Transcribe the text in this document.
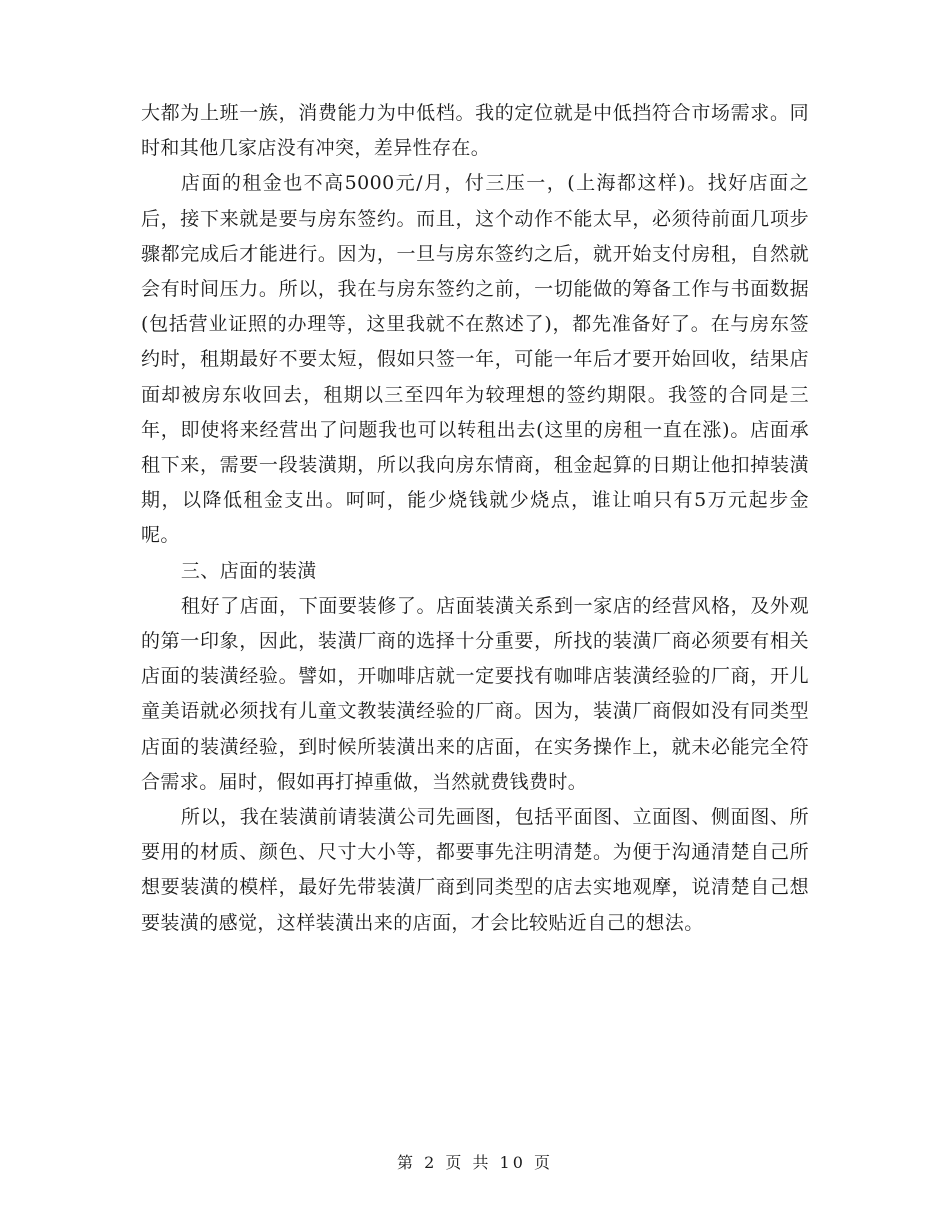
大都为上班一族，消费能力为中低档。我的定位就是中低挡符合市场需求。同时和其他几家店没有冲突，差异性存在。

店面的租金也不高5000元/月，付三压一，(上海都这样)。找好店面之后，接下来就是要与房东签约。而且，这个动作不能太早，必须待前面几项步骤都完成后才能进行。因为，一旦与房东签约之后，就开始支付房租，自然就会有时间压力。所以，我在与房东签约之前，一切能做的筹备工作与书面数据(包括营业证照的办理等，这里我就不在熬述了)，都先准备好了。在与房东签约时，租期最好不要太短，假如只签一年，可能一年后才要开始回收，结果店面却被房东收回去，租期以三至四年为较理想的签约期限。我签的合同是三年，即使将来经营出了问题我也可以转租出去(这里的房租一直在涨)。店面承租下来，需要一段装潢期，所以我向房东情商，租金起算的日期让他扣掉装潢期，以降低租金支出。呵呵，能少烧钱就少烧点，谁让咱只有5万元起步金呢。

三、店面的装潢

租好了店面，下面要装修了。店面装潢关系到一家店的经营风格，及外观的第一印象，因此，装潢厂商的选择十分重要，所找的装潢厂商必须要有相关店面的装潢经验。譬如，开咖啡店就一定要找有咖啡店装潢经验的厂商，开儿童美语就必须找有儿童文教装潢经验的厂商。因为，装潢厂商假如没有同类型店面的装潢经验，到时候所装潢出来的店面，在实务操作上，就未必能完全符合需求。届时，假如再打掉重做，当然就费钱费时。

所以，我在装潢前请装潢公司先画图，包括平面图、立面图、侧面图、所要用的材质、颜色、尺寸大小等，都要事先注明清楚。为便于沟通清楚自己所想要装潢的模样，最好先带装潢厂商到同类型的店去实地观摩，说清楚自己想要装潢的感觉，这样装潢出来的店面，才会比较贴近自己的想法。

第 2 页 共 10 页
